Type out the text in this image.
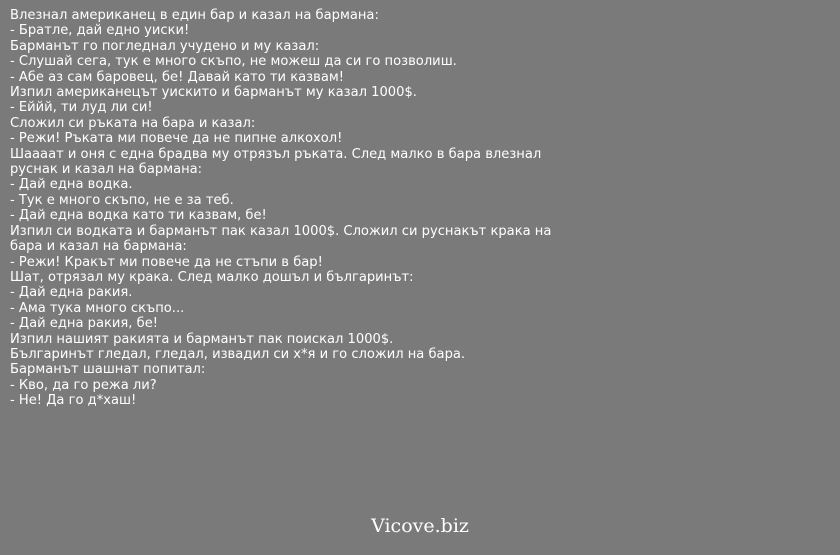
Влезнал американец в един бар и казал на бармана:
- Братле, дай едно уиски!
Барманът го погледнал учудено и му казал:
- Слушай сега, тук е много скъпо, не можеш да си го позволиш.
- Абе аз сам баровец, бе! Давай като ти казвам!
Изпил американецът уискито и барманът му казал 1000$.
- Еййй, ти луд ли си!
Сложил си ръката на бара и казал:
- Режи! Ръката ми повече да не пипне алкохол!
Шаааат и оня с една брадва му отрязъл ръката. След малко в бара влезнал
руснак и казал на бармана:
- Дай една водка.
- Тук е много скъпо, не е за теб.
- Дай една водка като ти казвам, бе!
Изпил си водката и барманът пак казал 1000$. Сложил си руснакът крака на
бара и казал на бармана:
- Режи! Кракът ми повече да не стъпи в бар!
Шат, отрязал му крака. След малко дошъл и българинът:
- Дай една ракия.
- Ама тука много скъпо...
- Дай една ракия, бе!
Изпил нашият ракията и барманът пак поискал 1000$.
Българинът гледал, гледал, извадил си х*я и го сложил на бара.
Барманът шашнат попитал:
- Кво, да го режа ли?
- Не! Да го д*хаш!
Vicove.biz
